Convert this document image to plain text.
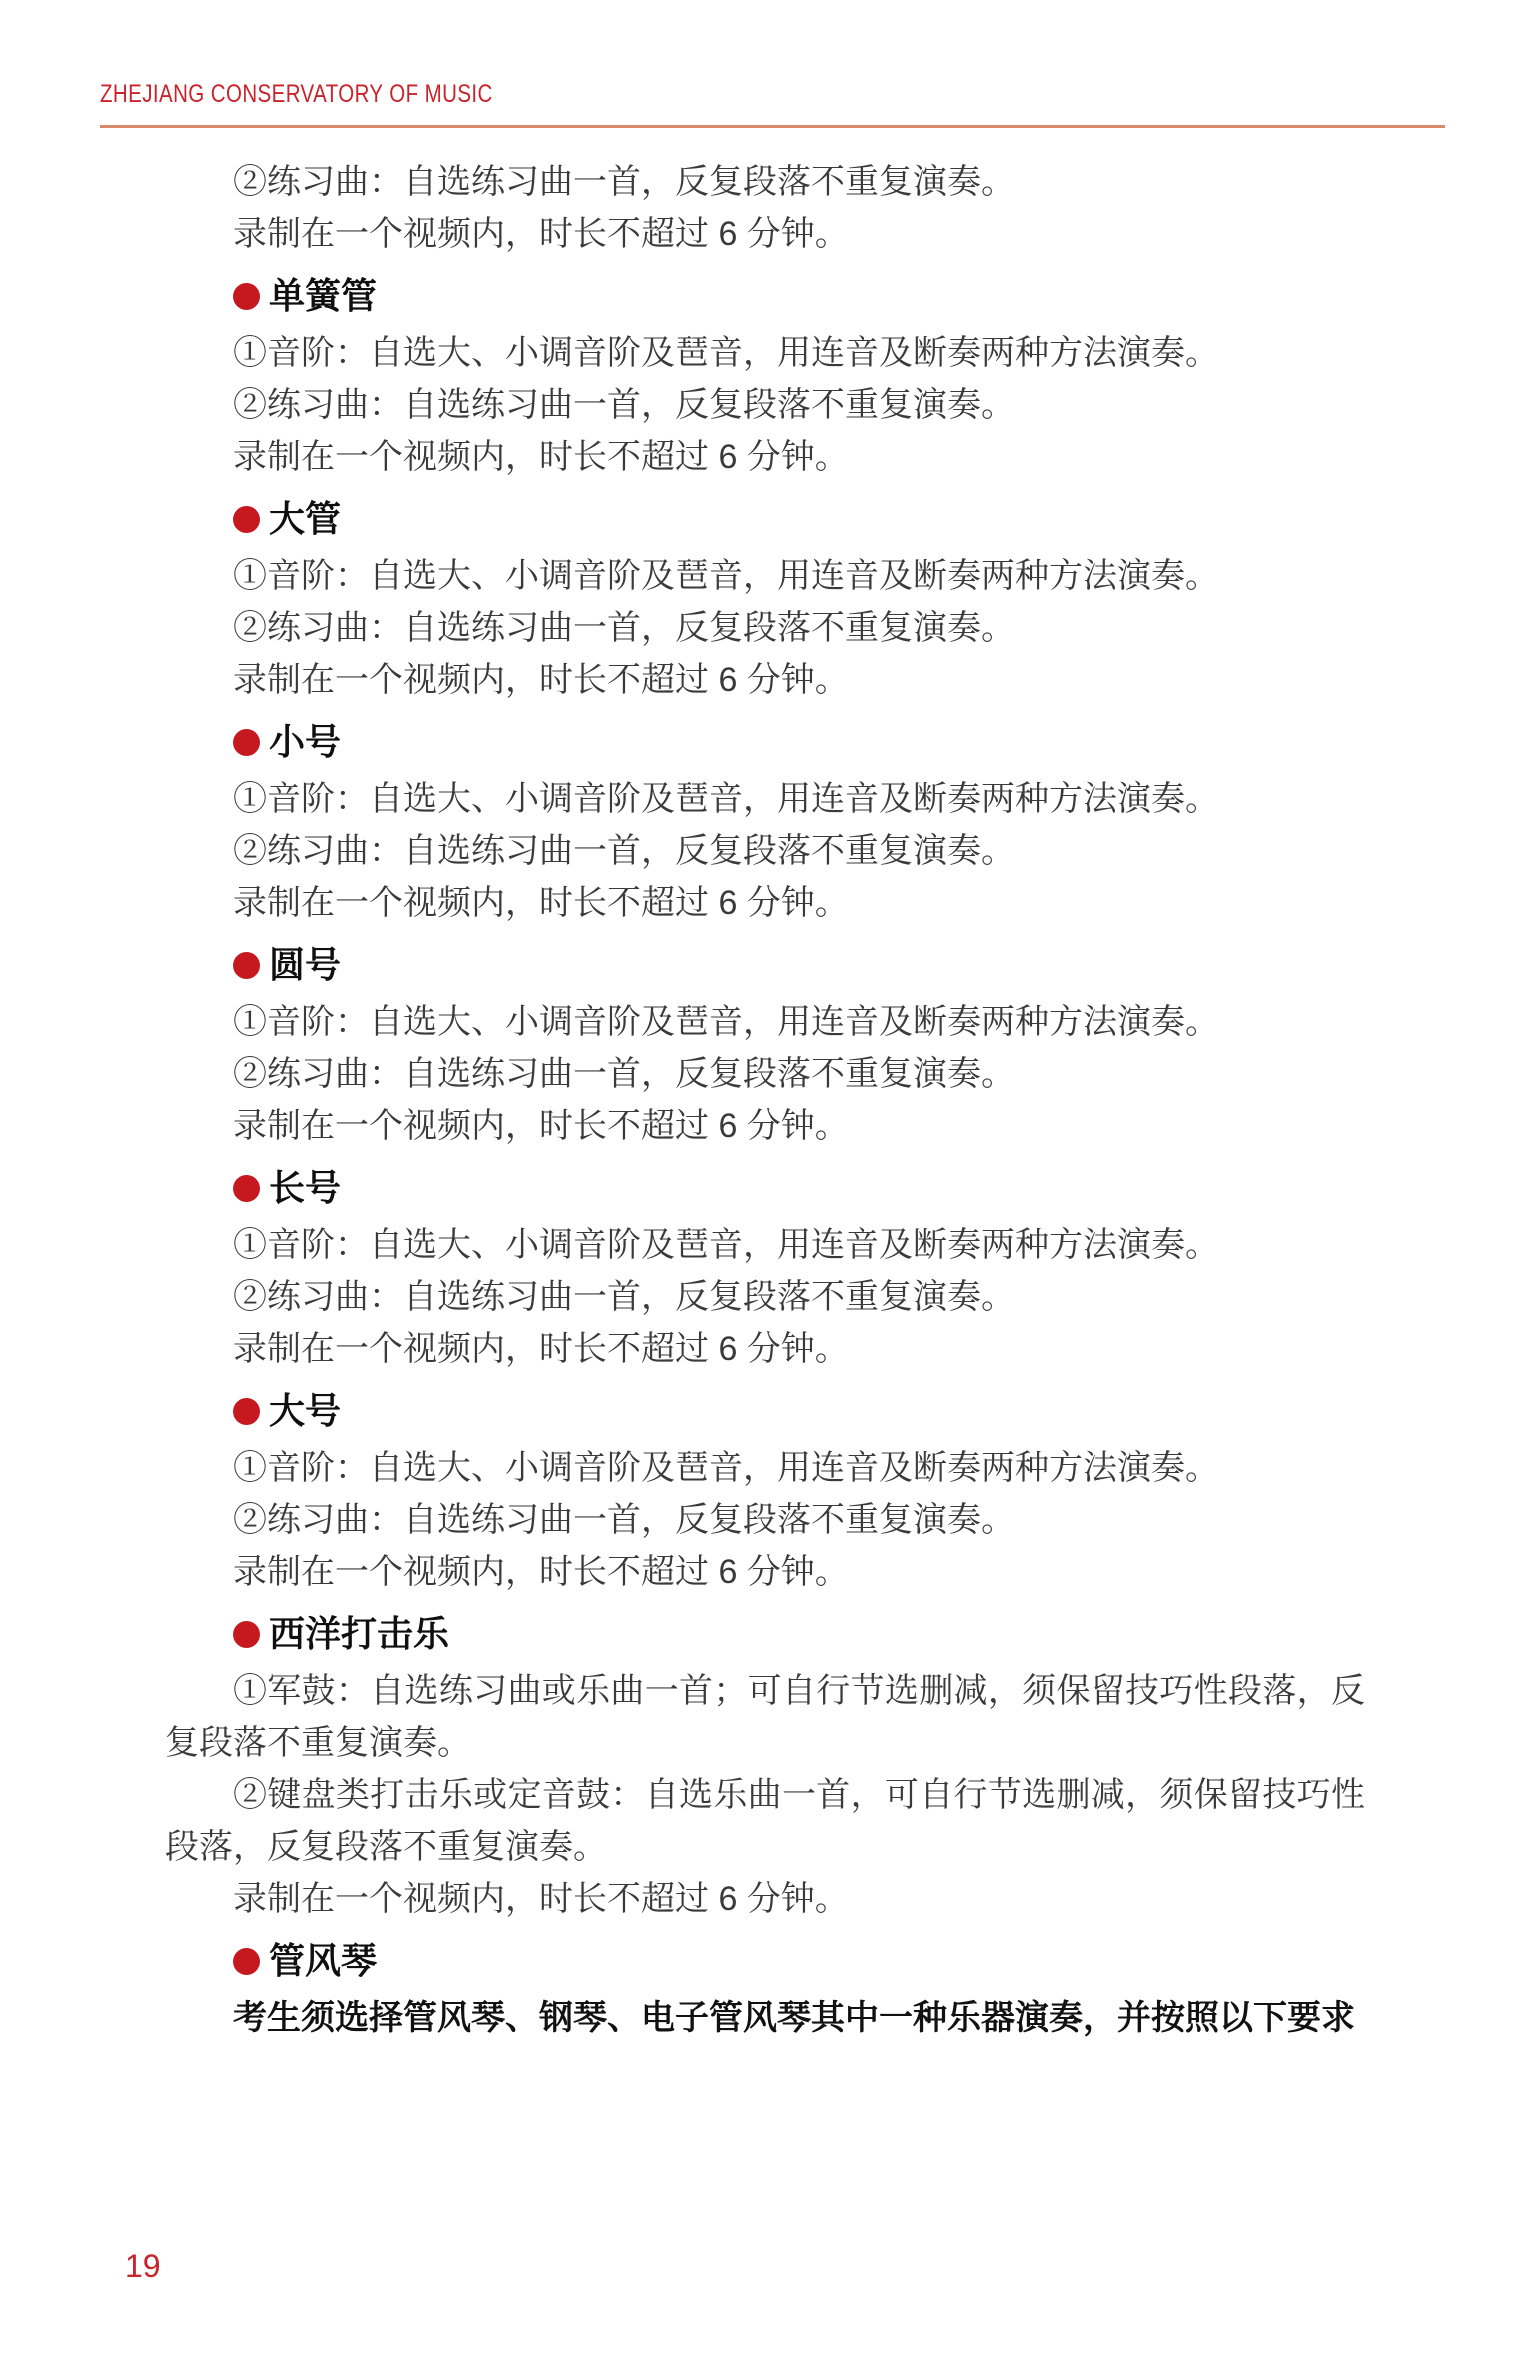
ZHEJIANG CONSERVATORY OF MUSIC

②练习曲：自选练习曲一首，反复段落不重复演奏。

录制在一个视频内，时长不超过 6 分钟。

单簧管

①音阶：自选大、小调音阶及琶音，用连音及断奏两种方法演奏。

②练习曲：自选练习曲一首，反复段落不重复演奏。

录制在一个视频内，时长不超过 6 分钟。

大管

①音阶：自选大、小调音阶及琶音，用连音及断奏两种方法演奏。

②练习曲：自选练习曲一首，反复段落不重复演奏。

录制在一个视频内，时长不超过 6 分钟。

小号

①音阶：自选大、小调音阶及琶音，用连音及断奏两种方法演奏。

②练习曲：自选练习曲一首，反复段落不重复演奏。

录制在一个视频内，时长不超过 6 分钟。

圆号

①音阶：自选大、小调音阶及琶音，用连音及断奏两种方法演奏。

②练习曲：自选练习曲一首，反复段落不重复演奏。

录制在一个视频内，时长不超过 6 分钟。

长号

①音阶：自选大、小调音阶及琶音，用连音及断奏两种方法演奏。

②练习曲：自选练习曲一首，反复段落不重复演奏。

录制在一个视频内，时长不超过 6 分钟。

大号

①音阶：自选大、小调音阶及琶音，用连音及断奏两种方法演奏。

②练习曲：自选练习曲一首，反复段落不重复演奏。

录制在一个视频内，时长不超过 6 分钟。

西洋打击乐

①军鼓：自选练习曲或乐曲一首；可自行节选删减，须保留技巧性段落，反复段落不重复演奏。

②键盘类打击乐或定音鼓：自选乐曲一首，可自行节选删减，须保留技巧性段落，反复段落不重复演奏。

录制在一个视频内，时长不超过 6 分钟。

管风琴

考生须选择管风琴、钢琴、电子管风琴其中一种乐器演奏，并按照以下要求

19
